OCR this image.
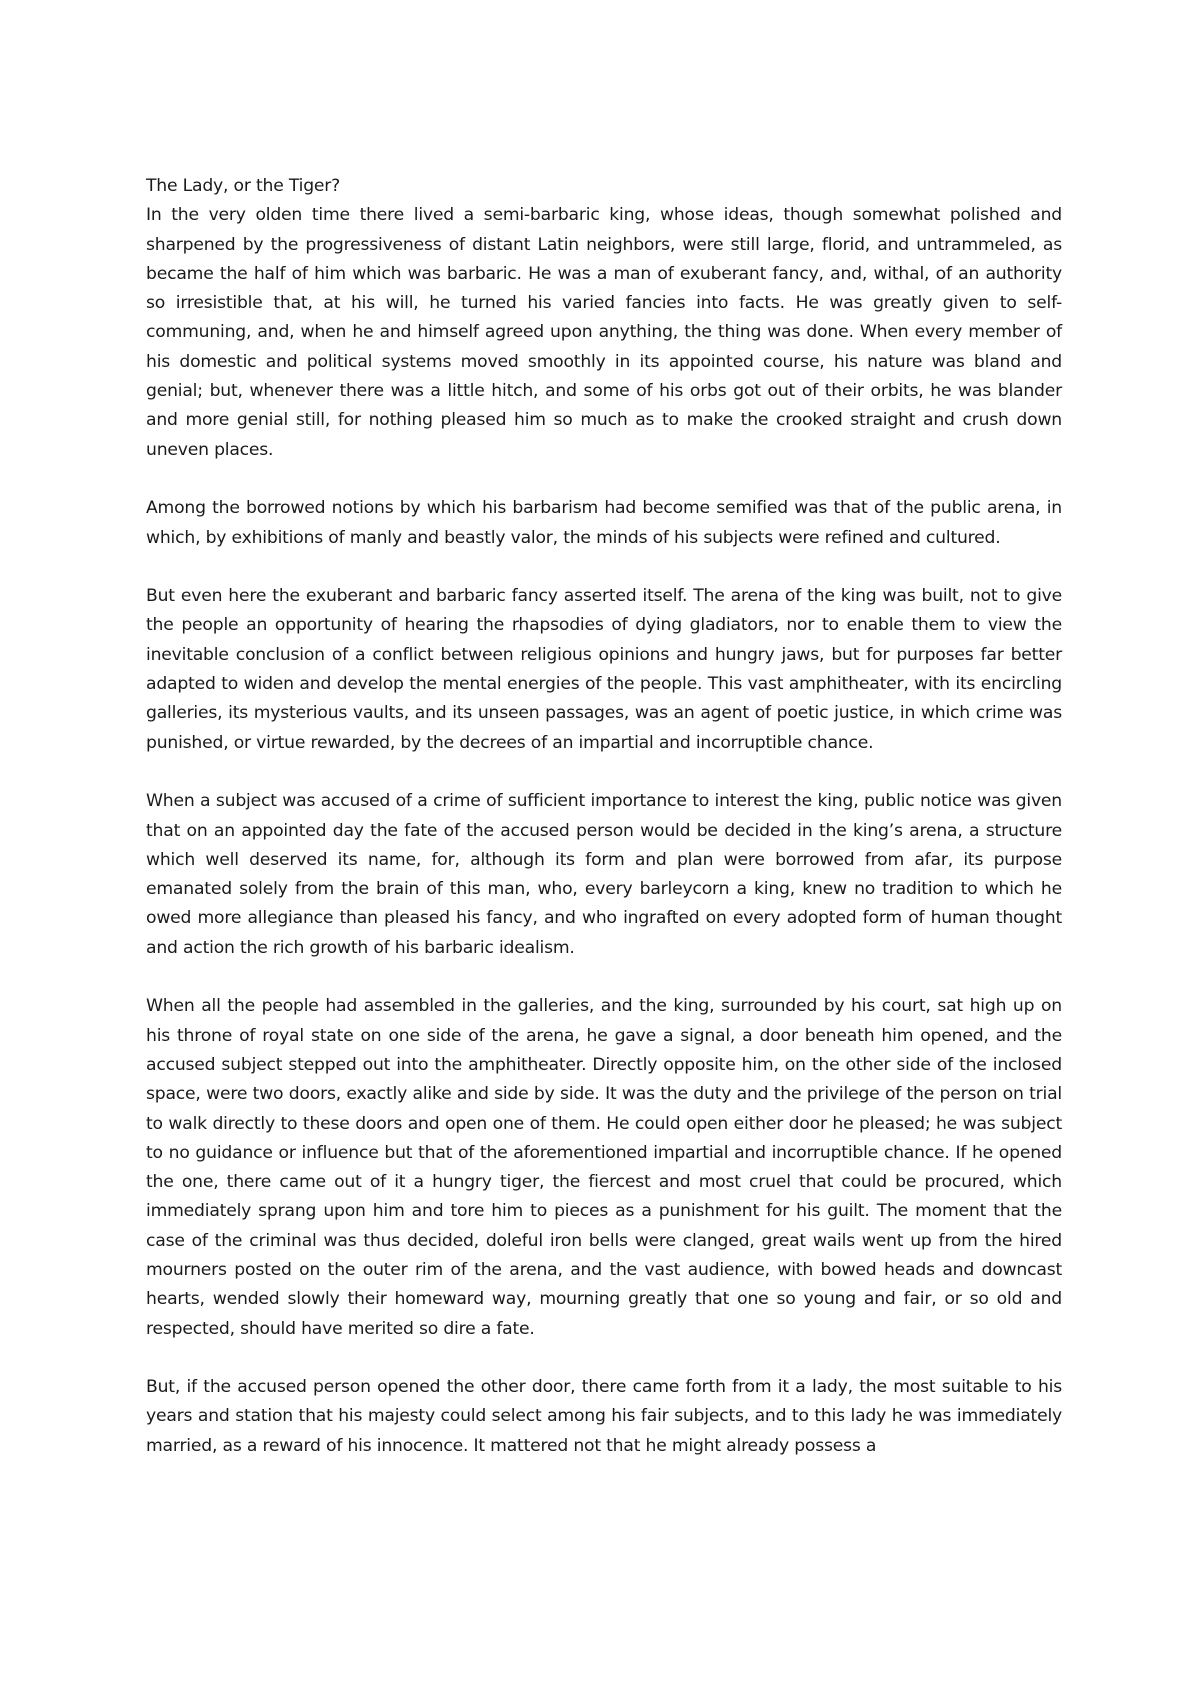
The Lady, or the Tiger?

In the very olden time there lived a semi-barbaric king, whose ideas, though somewhat polished and sharpened by the progressiveness of distant Latin neighbors, were still large, florid, and untrammeled, as became the half of him which was barbaric. He was a man of exuberant fancy, and, withal, of an authority so irresistible that, at his will, he turned his varied fancies into facts. He was greatly given to self-communing, and, when he and himself agreed upon anything, the thing was done. When every member of his domestic and political systems moved smoothly in its appointed course, his nature was bland and genial; but, whenever there was a little hitch, and some of his orbs got out of their orbits, he was blander and more genial still, for nothing pleased him so much as to make the crooked straight and crush down uneven places.

Among the borrowed notions by which his barbarism had become semified was that of the public arena, in which, by exhibitions of manly and beastly valor, the minds of his subjects were refined and cultured.

But even here the exuberant and barbaric fancy asserted itself. The arena of the king was built, not to give the people an opportunity of hearing the rhapsodies of dying gladiators, nor to enable them to view the inevitable conclusion of a conflict between religious opinions and hungry jaws, but for purposes far better adapted to widen and develop the mental energies of the people. This vast amphitheater, with its encircling galleries, its mysterious vaults, and its unseen passages, was an agent of poetic justice, in which crime was punished, or virtue rewarded, by the decrees of an impartial and incorruptible chance.

When a subject was accused of a crime of sufficient importance to interest the king, public notice was given that on an appointed day the fate of the accused person would be decided in the king’s arena, a structure which well deserved its name, for, although its form and plan were borrowed from afar, its purpose emanated solely from the brain of this man, who, every barleycorn a king, knew no tradition to which he owed more allegiance than pleased his fancy, and who ingrafted on every adopted form of human thought and action the rich growth of his barbaric idealism.

When all the people had assembled in the galleries, and the king, surrounded by his court, sat high up on his throne of royal state on one side of the arena, he gave a signal, a door beneath him opened, and the accused subject stepped out into the amphitheater. Directly opposite him, on the other side of the inclosed space, were two doors, exactly alike and side by side. It was the duty and the privilege of the person on trial to walk directly to these doors and open one of them. He could open either door he pleased; he was subject to no guidance or influence but that of the aforementioned impartial and incorruptible chance. If he opened the one, there came out of it a hungry tiger, the fiercest and most cruel that could be procured, which immediately sprang upon him and tore him to pieces as a punishment for his guilt. The moment that the case of the criminal was thus decided, doleful iron bells were clanged, great wails went up from the hired mourners posted on the outer rim of the arena, and the vast audience, with bowed heads and downcast hearts, wended slowly their homeward way, mourning greatly that one so young and fair, or so old and respected, should have merited so dire a fate.

But, if the accused person opened the other door, there came forth from it a lady, the most suitable to his years and station that his majesty could select among his fair subjects, and to this lady he was immediately married, as a reward of his innocence. It mattered not that he might already possess a
